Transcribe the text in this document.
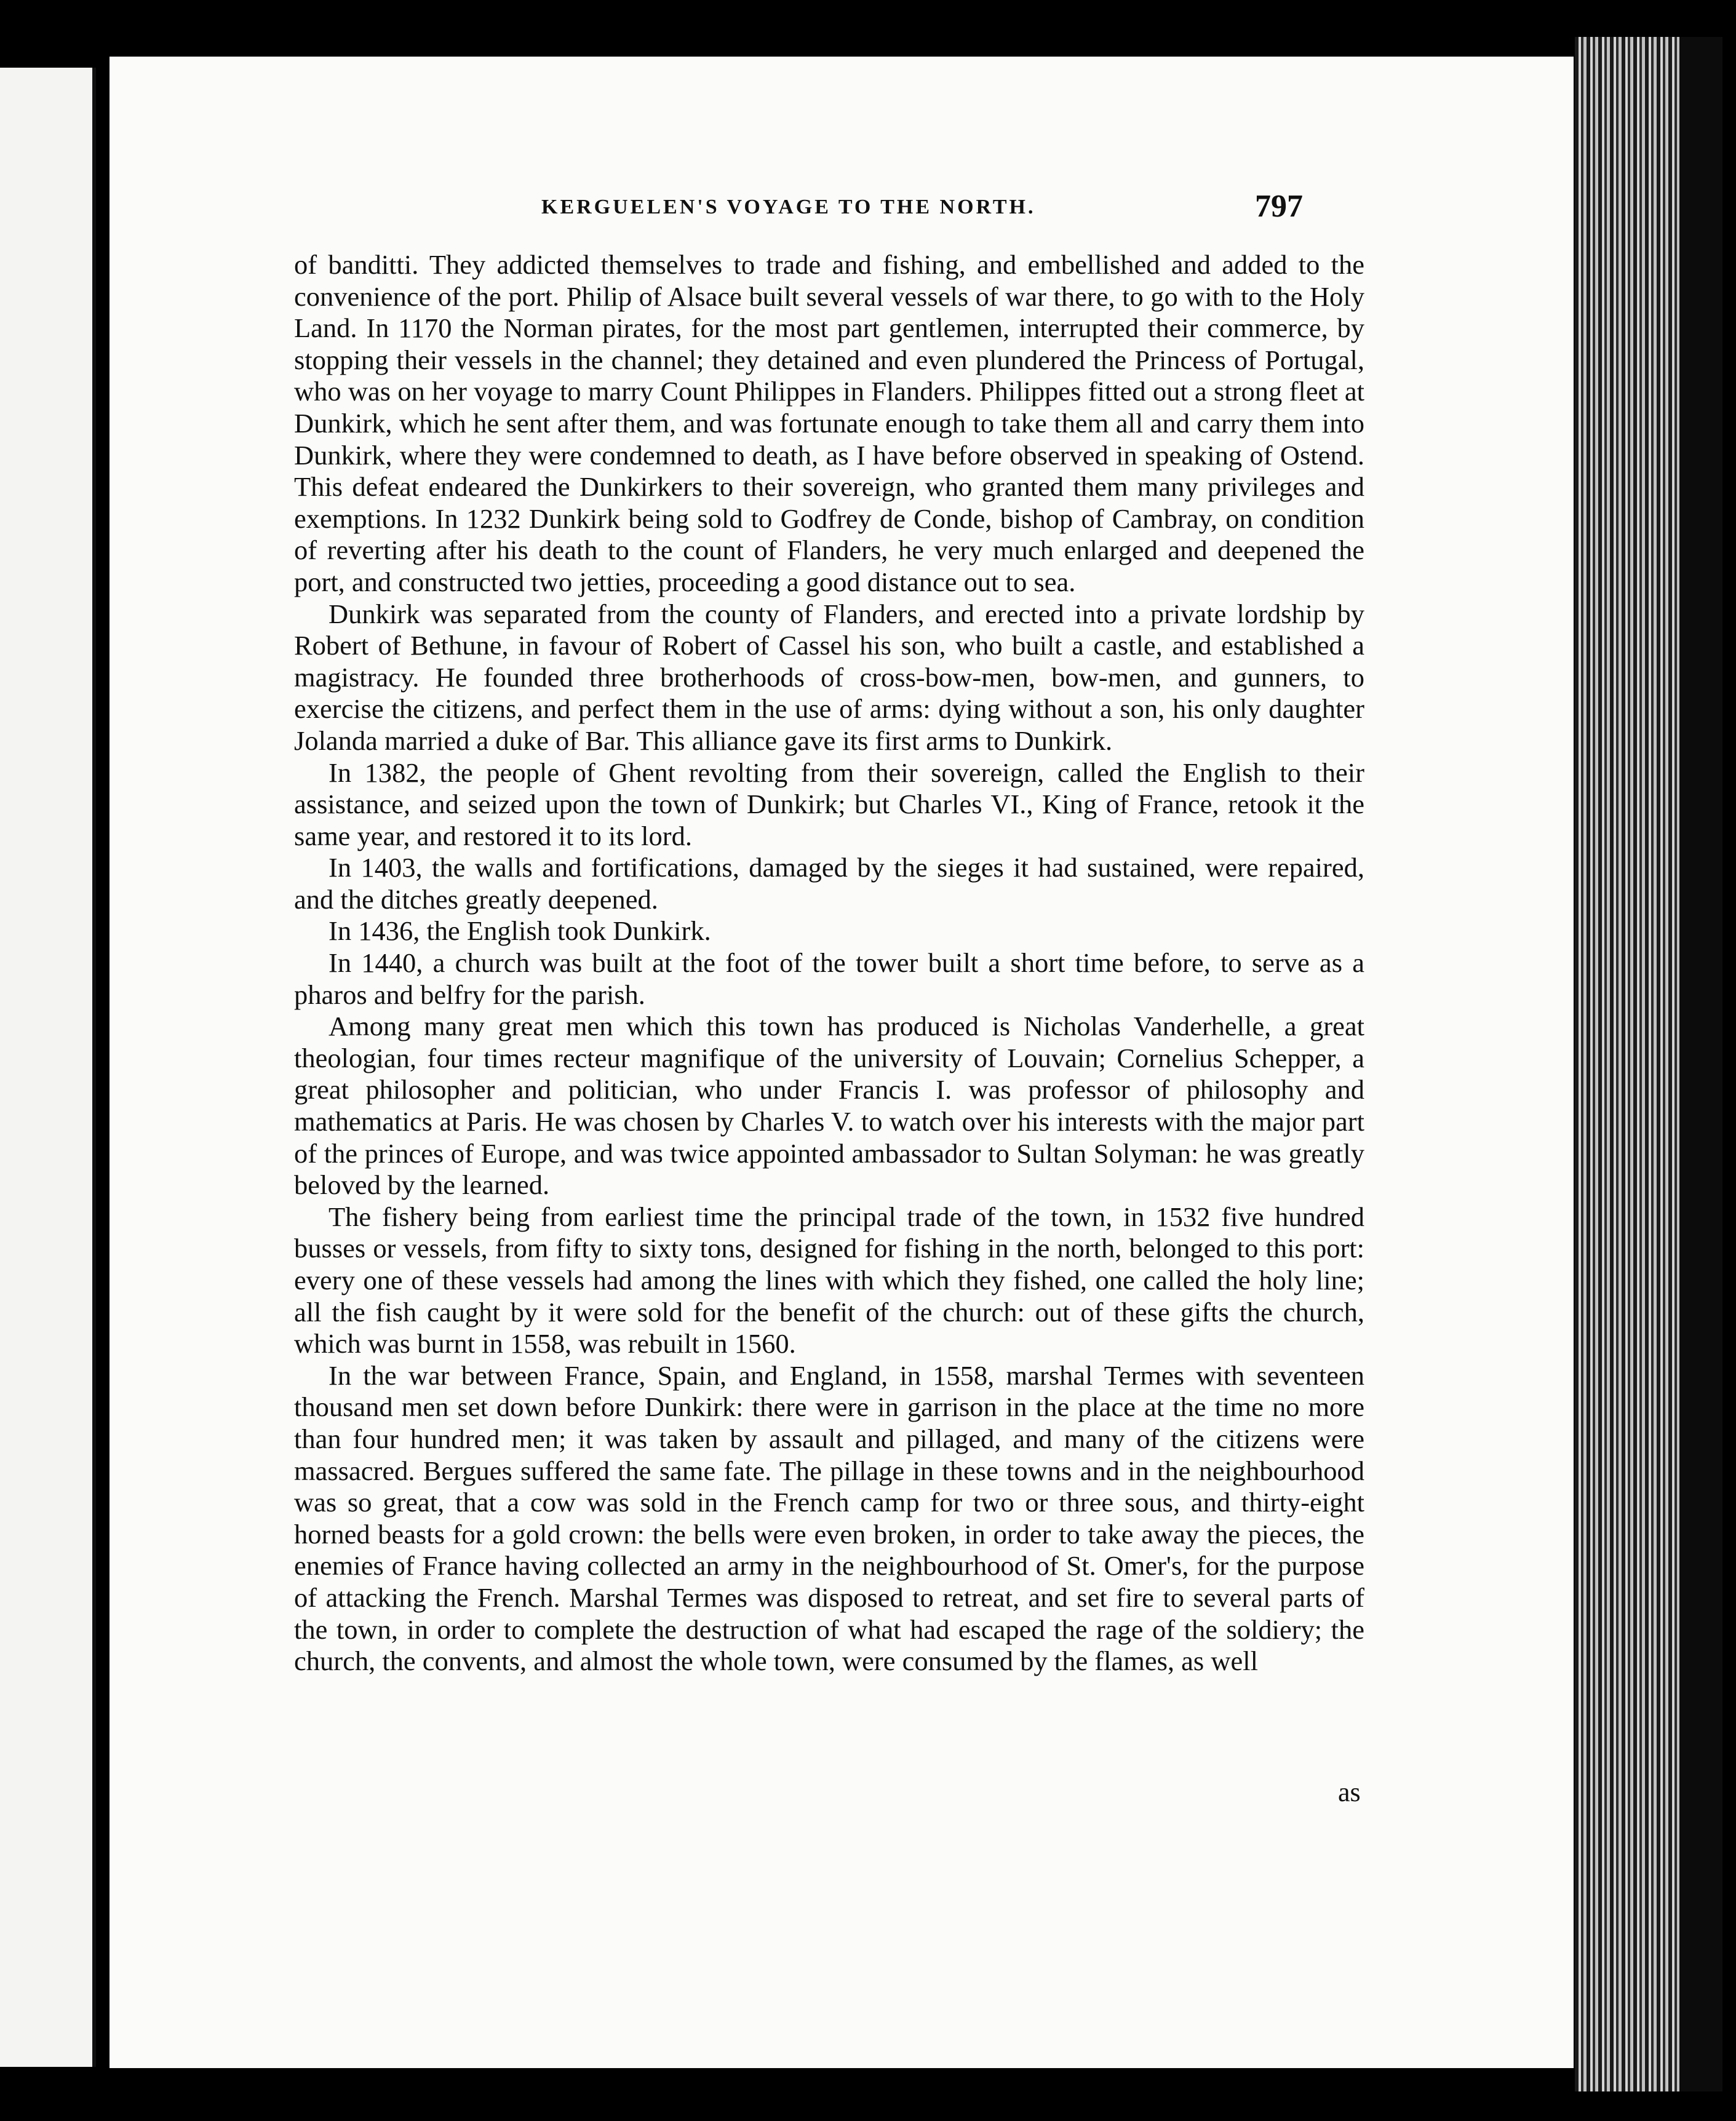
KERGUELEN'S VOYAGE TO THE NORTH.	797

of banditti. They addicted themselves to trade and fishing, and embellished and added to the convenience of the port. Philip of Alsace built several vessels of war there, to go with to the Holy Land. In 1170 the Norman pirates, for the most part gentlemen, interrupted their commerce, by stopping their vessels in the channel; they detained and even plundered the Princess of Portugal, who was on her voyage to marry Count Philippes in Flanders. Philippes fitted out a strong fleet at Dunkirk, which he sent after them, and was fortunate enough to take them all and carry them into Dunkirk, where they were condemned to death, as I have before observed in speaking of Ostend. This defeat endeared the Dunkirkers to their sovereign, who granted them many privileges and exemptions. In 1232 Dunkirk being sold to Godfrey de Conde, bishop of Cambray, on condition of reverting after his death to the count of Flanders, he very much enlarged and deepened the port, and constructed two jetties, proceeding a good distance out to sea.

Dunkirk was separated from the county of Flanders, and erected into a private lordship by Robert of Bethune, in favour of Robert of Cassel his son, who built a castle, and established a magistracy. He founded three brotherhoods of cross-bow-men, bow-men, and gunners, to exercise the citizens, and perfect them in the use of arms: dying without a son, his only daughter Jolanda married a duke of Bar. This alliance gave its first arms to Dunkirk.

In 1382, the people of Ghent revolting from their sovereign, called the English to their assistance, and seized upon the town of Dunkirk; but Charles VI., King of France, retook it the same year, and restored it to its lord.

In 1403, the walls and fortifications, damaged by the sieges it had sustained, were repaired, and the ditches greatly deepened.

In 1436, the English took Dunkirk.

In 1440, a church was built at the foot of the tower built a short time before, to serve as a pharos and belfry for the parish.

Among many great men which this town has produced is Nicholas Vanderhelle, a great theologian, four times recteur magnifique of the university of Louvain; Cornelius Schepper, a great philosopher and politician, who under Francis I. was professor of philosophy and mathematics at Paris. He was chosen by Charles V. to watch over his interests with the major part of the princes of Europe, and was twice appointed ambassador to Sultan Solyman: he was greatly beloved by the learned.

The fishery being from earliest time the principal trade of the town, in 1532 five hundred busses or vessels, from fifty to sixty tons, designed for fishing in the north, belonged to this port: every one of these vessels had among the lines with which they fished, one called the holy line; all the fish caught by it were sold for the benefit of the church: out of these gifts the church, which was burnt in 1558, was rebuilt in 1560.

In the war between France, Spain, and England, in 1558, marshal Termes with seventeen thousand men set down before Dunkirk: there were in garrison in the place at the time no more than four hundred men; it was taken by assault and pillaged, and many of the citizens were massacred. Bergues suffered the same fate. The pillage in these towns and in the neighbourhood was so great, that a cow was sold in the French camp for two or three sous, and thirty-eight horned beasts for a gold crown: the bells were even broken, in order to take away the pieces, the enemies of France having collected an army in the neighbourhood of St. Omer's, for the purpose of attacking the French. Marshal Termes was disposed to retreat, and set fire to several parts of the town, in order to complete the destruction of what had escaped the rage of the soldiery; the church, the convents, and almost the whole town, were consumed by the flames, as well

as
